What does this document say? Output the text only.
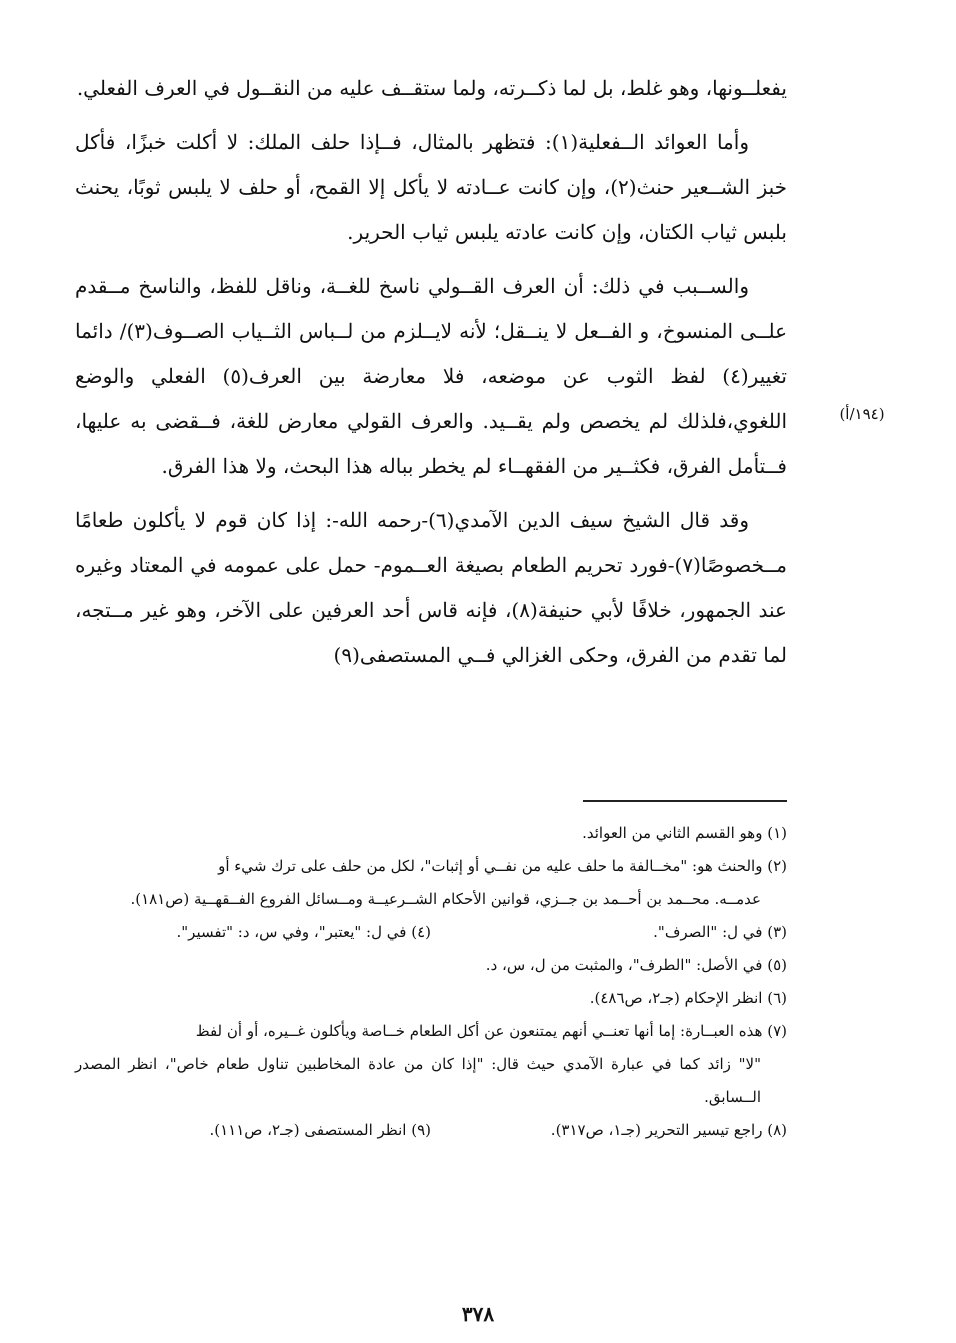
يفعلــونها، وهو غلط، بل لما ذكــرته، ولما ستقــف عليه من النقــول في العرف الفعلي.

وأما العوائد الــفعلية(١): فتظهر بالمثال، فــإذا حلف الملك: لا أكلت خبزًا، فأكل خبز الشــعير حنث(٢)، وإن كانت عــادته لا يأكل إلا القمح، أو حلف لا يلبس ثوبًا، يحنث بلبس ثياب الكتان، وإن كانت عادته يلبس ثياب الحرير.

والســبب في ذلك: أن العرف القــولي ناسخ للغــة، وناقل للفظ، والناسخ مــقدم علــى المنسوخ، و الفــعل لا ينــقل؛ لأنه لايــلزم من لــباس الثــياب الصــوف(٣)/ دائما تغيير(٤) لفظ الثوب عن موضعه، فلا معارضة بين العرف(٥) الفعلي والوضع اللغوي،فلذلك لم يخصص ولم يقــيد. والعرف القولي معارض للغة، فــقضى به عليها، فــتأمل الفرق، فكثــير من الفقهــاء لم يخطر بباله هذا البحث، ولا هذا الفرق.

وقد قال الشيخ سيف الدين الآمدي(٦)-رحمه الله-: إذا كان قوم لا يأكلون طعامًا مــخصوصًا(٧)-فورد تحريم الطعام بصيغة العــموم- حمل على عمومه في المعتاد وغيره عند الجمهور، خلافًا لأبي حنيفة(٨)، فإنه قاس أحد العرفين على الآخر، وهو غير مــتجه، لما تقدم من الفرق، وحكى الغزالي فــي المستصفى(٩)

(١٩٤/أ)

(١) وهو القسم الثاني من العوائد.

(٢) والحنث هو: "مخــالفة ما حلف عليه من نفــي أو إثبات"، لكل من حلف على ترك شيء أو
عدمــه. محــمد بن أحــمد بن جــزي، قوانين الأحكام الشــرعيــة ومــسائل الفروع الفــقهــية (ص١٨١).

(٣) في ل: "الصرف".
(٤) في ل: "يعتبر"، وفي س، د: "تفسير".

(٥) في الأصل: "الطرف"، والمثبت من ل، س، د.

(٦) انظر الإحكام (جـ٢، ص٤٨٦).

(٧) هذه العبــارة: إما أنها تعنــي أنهم يمتنعون عن أكل الطعام خــاصة ويأكلون غــيره، أو أن لفظ
"لا" زائد كما في عبارة الآمدي حيث قال: "إذا كان من عادة المخاطبين تناول طعام خاص"، انظر المصدر الــسابق.

(٨) راجع تيسير التحرير (جـ١، ص٣١٧).
(٩) انظر المستصفى (جـ٢، ص١١١).
٣٧٨
